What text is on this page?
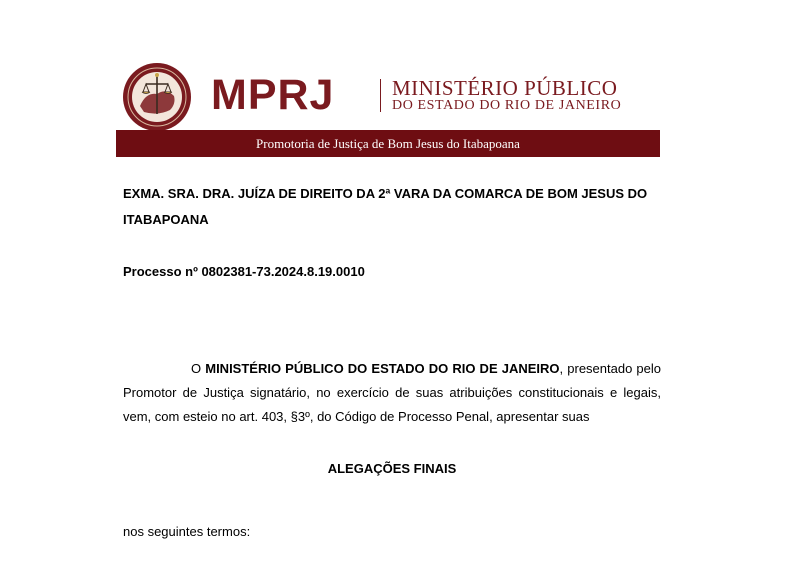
MPRJ	MINISTÉRIO PÚBLICO
DO ESTADO DO RIO DE JANEIRO
Promotoria de Justiça de Bom Jesus do Itabapoana
EXMA. SRA. DRA. JUÍZA DE DIREITO DA 2ª VARA DA COMARCA DE BOM JESUS DO ITABAPOANA
Processo nº 0802381-73.2024.8.19.0010
O MINISTÉRIO PÚBLICO DO ESTADO DO RIO DE JANEIRO, presentado pelo Promotor de Justiça signatário, no exercício de suas atribuições constitucionais e legais, vem, com esteio no art. 403, §3º, do Código de Processo Penal, apresentar suas
ALEGAÇÕES FINAIS
nos seguintes termos:
